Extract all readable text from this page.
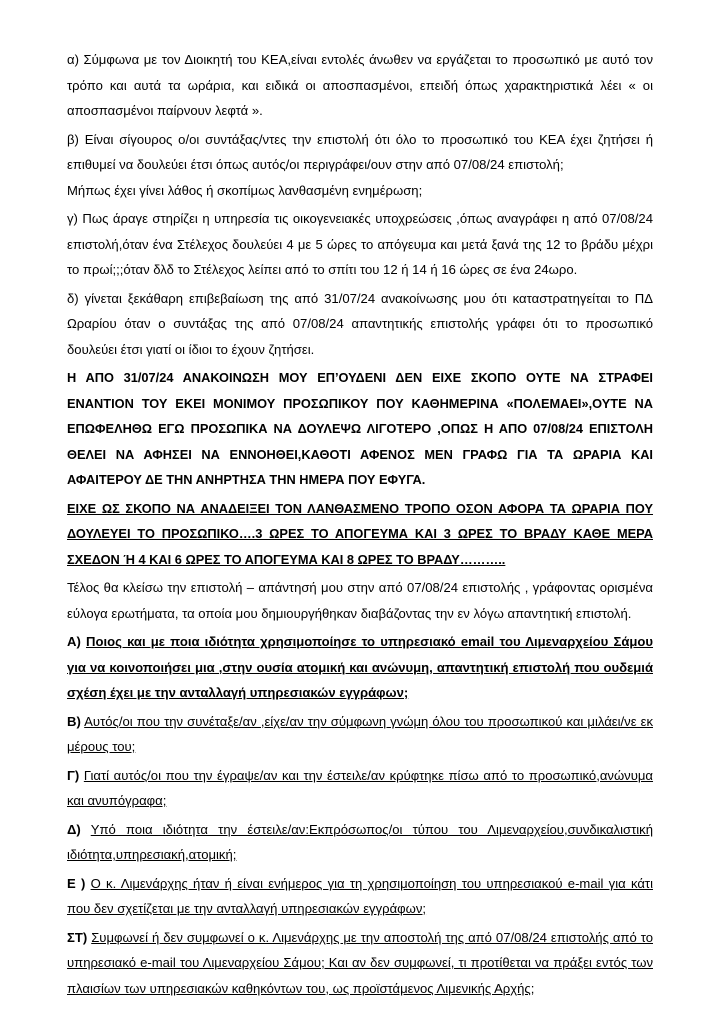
α) Σύμφωνα με τον Διοικητή του ΚΕΑ,είναι εντολές άνωθεν να εργάζεται το προσωπικό με αυτό τον τρόπο και αυτά τα ωράρια, και ειδικά οι αποσπασμένοι, επειδή όπως χαρακτηριστικά λέει « οι αποσπασμένοι παίρνουν λεφτά ».

β) Είναι σίγουρος ο/οι συντάξας/ντες την επιστολή ότι όλο το προσωπικό του ΚΕΑ έχει ζητήσει ή επιθυμεί να δουλεύει έτσι όπως αυτός/οι περιγράφει/ουν στην από 07/08/24 επιστολή;

Μήπως έχει γίνει λάθος ή σκοπίμως λανθασμένη ενημέρωση;

γ) Πως άραγε στηρίζει η υπηρεσία τις οικογενειακές υποχρεώσεις ,όπως αναγράφει η από 07/08/24 επιστολή,όταν ένα Στέλεχος δουλεύει 4 με 5 ώρες το απόγευμα και μετά ξανά της 12 το βράδυ μέχρι το πρωί;;;όταν δλδ το Στέλεχος λείπει από το σπίτι του 12 ή 14 ή 16 ώρες σε ένα 24ωρο.

δ) γίνεται ξεκάθαρη επιβεβαίωση της από 31/07/24 ανακοίνωσης μου ότι καταστρατηγείται το ΠΔ Ωραρίου όταν ο συντάξας της από 07/08/24 απαντητικής επιστολής γράφει ότι το προσωπικό δουλεύει έτσι γιατί οι ίδιοι το έχουν ζητήσει.

Η ΑΠΟ 31/07/24 ΑΝΑΚΟΙΝΩΣΗ ΜΟΥ ΕΠ’ΟΥΔΕΝΙ ΔΕΝ ΕΙΧΕ ΣΚΟΠΟ ΟΥΤΕ ΝΑ ΣΤΡΑΦΕΙ ΕΝΑΝΤΙΟΝ ΤΟΥ ΕΚΕΙ ΜΟΝΙΜΟΥ ΠΡΟΣΩΠΙΚΟΥ ΠΟΥ ΚΑΘΗΜΕΡΙΝΑ «ΠΟΛΕΜΑΕΙ»,ΟΥΤΕ ΝΑ ΕΠΩΦΕΛΗΘΩ ΕΓΩ ΠΡΟΣΩΠΙΚΑ ΝΑ ΔΟΥΛΕΨΩ ΛΙΓΟΤΕΡΟ ,ΟΠΩΣ Η ΑΠΟ 07/08/24 ΕΠΙΣΤΟΛΗ ΘΕΛΕΙ ΝΑ ΑΦΗΣΕΙ ΝΑ ΕΝΝΟΗΘΕΙ,ΚΑΘΟΤΙ ΑΦΕΝΟΣ ΜΕΝ ΓΡΑΦΩ ΓΙΑ ΤΑ ΩΡΑΡΙΑ ΚΑΙ ΑΦΑΙΤΕΡΟΥ ΔΕ ΤΗΝ ΑΝΗΡΤΗΣΑ ΤΗΝ ΗΜΕΡΑ ΠΟΥ ΕΦΥΓΑ.

ΕΙΧΕ ΩΣ ΣΚΟΠΟ ΝΑ ΑΝΑΔΕΙΞΕΙ ΤΟΝ ΛΑΝΘΑΣΜΕΝΟ ΤΡΟΠΟ ΟΣΟΝ ΑΦΟΡΑ ΤΑ ΩΡΑΡΙΑ ΠΟΥ ΔΟΥΛΕΥΕΙ ΤΟ ΠΡΟΣΩΠΙΚΟ….3 ΩΡΕΣ ΤΟ ΑΠΟΓΕΥΜΑ ΚΑΙ 3 ΩΡΕΣ ΤΟ ΒΡΑΔΥ ΚΑΘΕ ΜΕΡΑ ΣΧΕΔΟΝ Ή 4 ΚΑΙ 6 ΩΡΕΣ ΤΟ ΑΠΟΓΕΥΜΑ ΚΑΙ 8 ΩΡΕΣ ΤΟ ΒΡΑΔΥ………..

Τέλος θα κλείσω την επιστολή – απάντησή μου στην από 07/08/24 επιστολής , γράφοντας ορισμένα εύλογα ερωτήματα, τα οποία μου δημιουργήθηκαν διαβάζοντας την εν λόγω απαντητική επιστολή.

Α) Ποιος και με ποια ιδιότητα χρησιμοποίησε το υπηρεσιακό email του Λιμεναρχείου Σάμου για να κοινοποιήσει μια ,στην ουσία ατομική και ανώνυμη, απαντητική επιστολή που ουδεμιά σχέση έχει με την ανταλλαγή υπηρεσιακών εγγράφων;

Β) Αυτός/οι που την συνέταξε/αν ,είχε/αν την σύμφωνη γνώμη όλου του προσωπικού και μιλάει/νε εκ μέρους του;

Γ) Γιατί αυτός/οι που την έγραψε/αν και την έστειλε/αν κρύφτηκε πίσω από το προσωπικό,ανώνυμα και ανυπόγραφα;

Δ) Υπό ποια ιδιότητα την έστειλε/αν:Εκπρόσωπος/οι τύπου του Λιμεναρχείου,συνδικαλιστική ιδιότητα,υπηρεσιακή,ατομική;

Ε ) Ο κ. Λιμενάρχης ήταν ή είναι ενήμερος για τη χρησιμοποίηση του υπηρεσιακού e-mail για κάτι που δεν σχετίζεται με την ανταλλαγή υπηρεσιακών εγγράφων;

ΣΤ) Συμφωνεί ή δεν συμφωνεί ο κ. Λιμενάρχης με την αποστολή της από 07/08/24 επιστολής από το υπηρεσιακό e-mail του Λιμεναρχείου Σάμου; Και αν δεν συμφωνεί, τι προτίθεται να πράξει εντός των πλαισίων των υπηρεσιακών καθηκόντων του, ως προϊστάμενος Λιμενικής Αρχής;
